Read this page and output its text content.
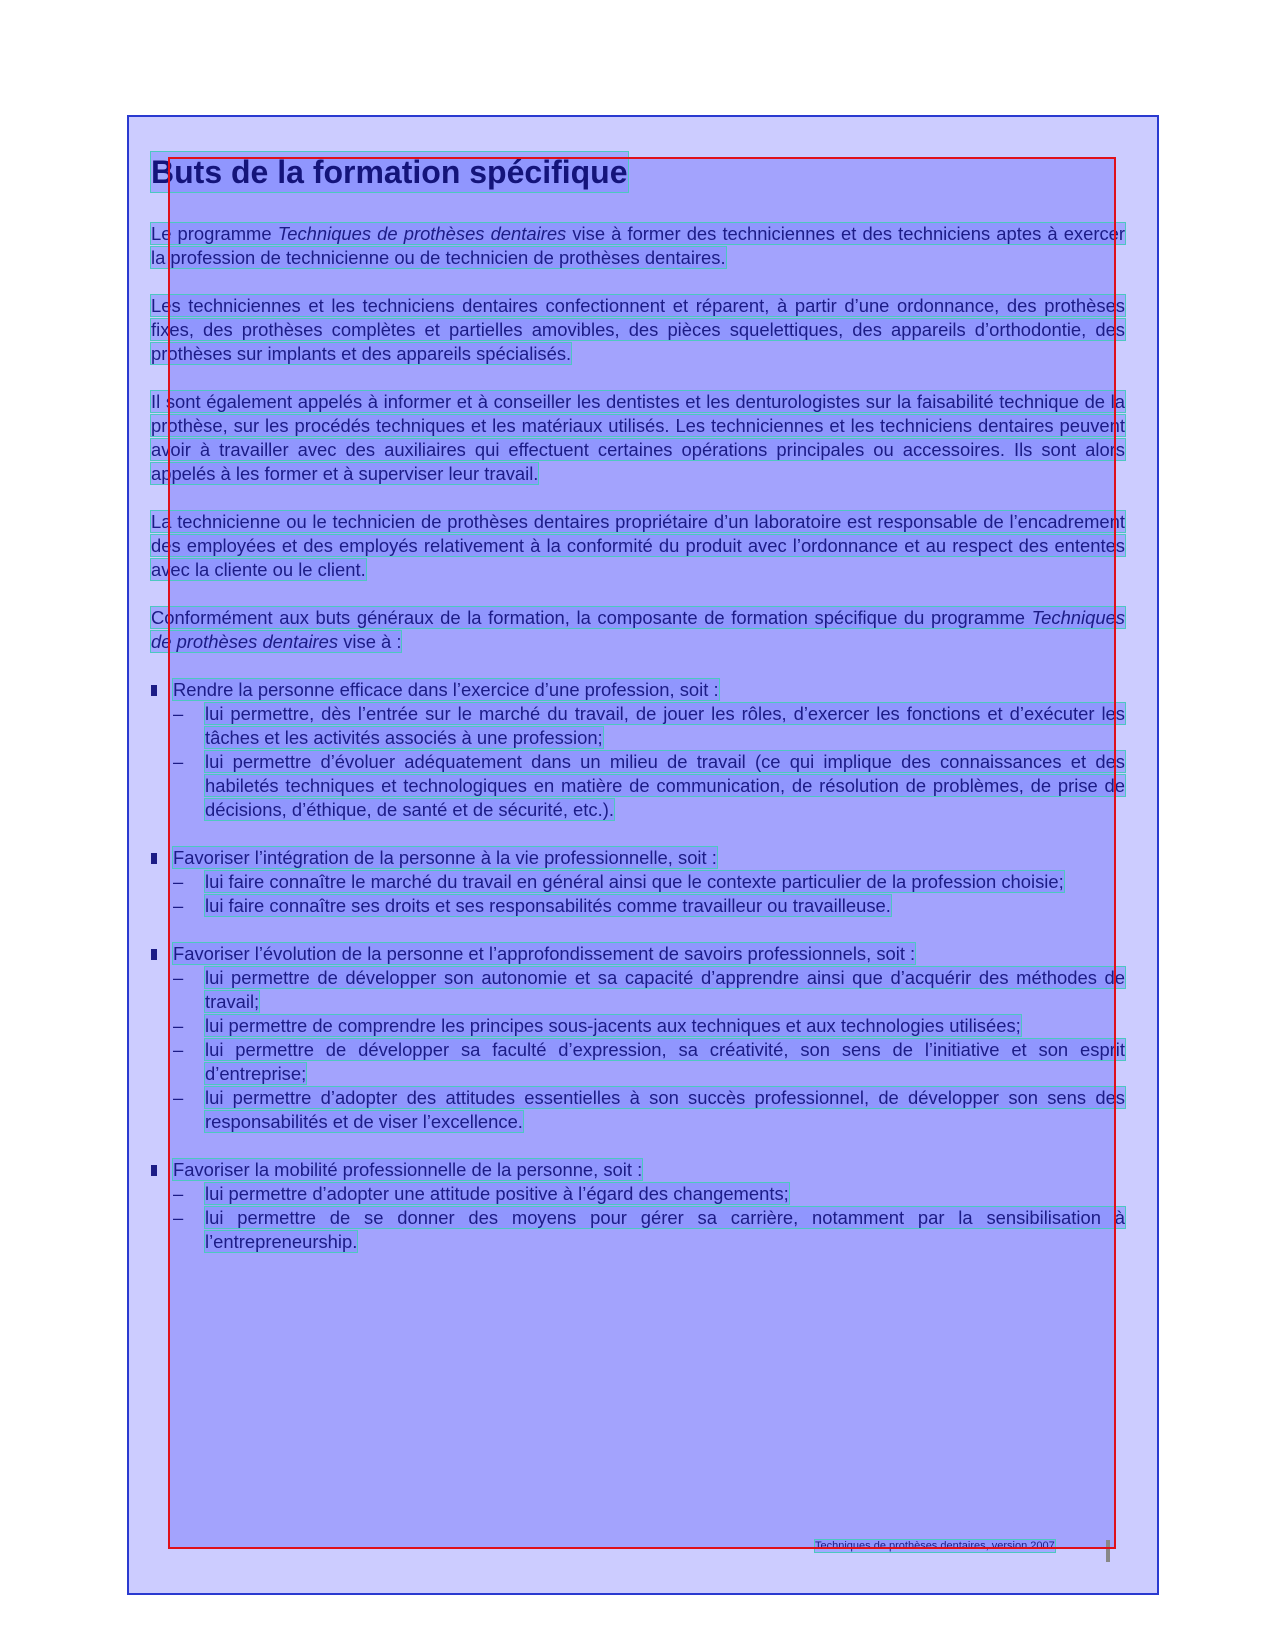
Buts de la formation spécifique

Le programme Techniques de prothèses dentaires vise à former des techniciennes et des techniciens aptes à exercer la profession de technicienne ou de technicien de prothèses dentaires.

Les techniciennes et les techniciens dentaires confectionnent et réparent, à partir d’une ordonnance, des prothèses fixes, des prothèses complètes et partielles amovibles, des pièces squelettiques, des appareils d’orthodontie, des prothèses sur implants et des appareils spécialisés.

Il sont également appelés à informer et à conseiller les dentistes et les denturologistes sur la faisabilité technique de la prothèse, sur les procédés techniques et les matériaux utilisés. Les techniciennes et les techniciens dentaires peuvent avoir à travailler avec des auxiliaires qui effectuent certaines opérations principales ou accessoires. Ils sont alors appelés à les former et à superviser leur travail.

La technicienne ou le technicien de prothèses dentaires propriétaire d’un laboratoire est responsable de l’encadrement des employées et des employés relativement à la conformité du produit avec l’ordonnance et au respect des ententes avec la cliente ou le client.

Conformément aux buts généraux de la formation, la composante de formation spécifique du programme Techniques de prothèses dentaires vise à :

Rendre la personne efficace dans l’exercice d’une profession, soit :
– lui permettre, dès l’entrée sur le marché du travail, de jouer les rôles, d’exercer les fonctions et d’exécuter les tâches et les activités associés à une profession;
– lui permettre d’évoluer adéquatement dans un milieu de travail (ce qui implique des connaissances et des habiletés techniques et technologiques en matière de communication, de résolution de problèmes, de prise de décisions, d’éthique, de santé et de sécurité, etc.).
Favoriser l’intégration de la personne à la vie professionnelle, soit :
– lui faire connaître le marché du travail en général ainsi que le contexte particulier de la profession choisie;
– lui faire connaître ses droits et ses responsabilités comme travailleur ou travailleuse.
Favoriser l’évolution de la personne et l’approfondissement de savoirs professionnels, soit :
– lui permettre de développer son autonomie et sa capacité d’apprendre ainsi que d’acquérir des méthodes de travail;
– lui permettre de comprendre les principes sous-jacents aux techniques et aux technologies utilisées;
– lui permettre de développer sa faculté d’expression, sa créativité, son sens de l’initiative et son esprit d’entreprise;
– lui permettre d’adopter des attitudes essentielles à son succès professionnel, de développer son sens des responsabilités et de viser l’excellence.
Favoriser la mobilité professionnelle de la personne, soit :
– lui permettre d’adopter une attitude positive à l’égard des changements;
– lui permettre de se donner des moyens pour gérer sa carrière, notamment par la sensibilisation à l’entrepreneurship.
Techniques de prothèses dentaires, version 2007
